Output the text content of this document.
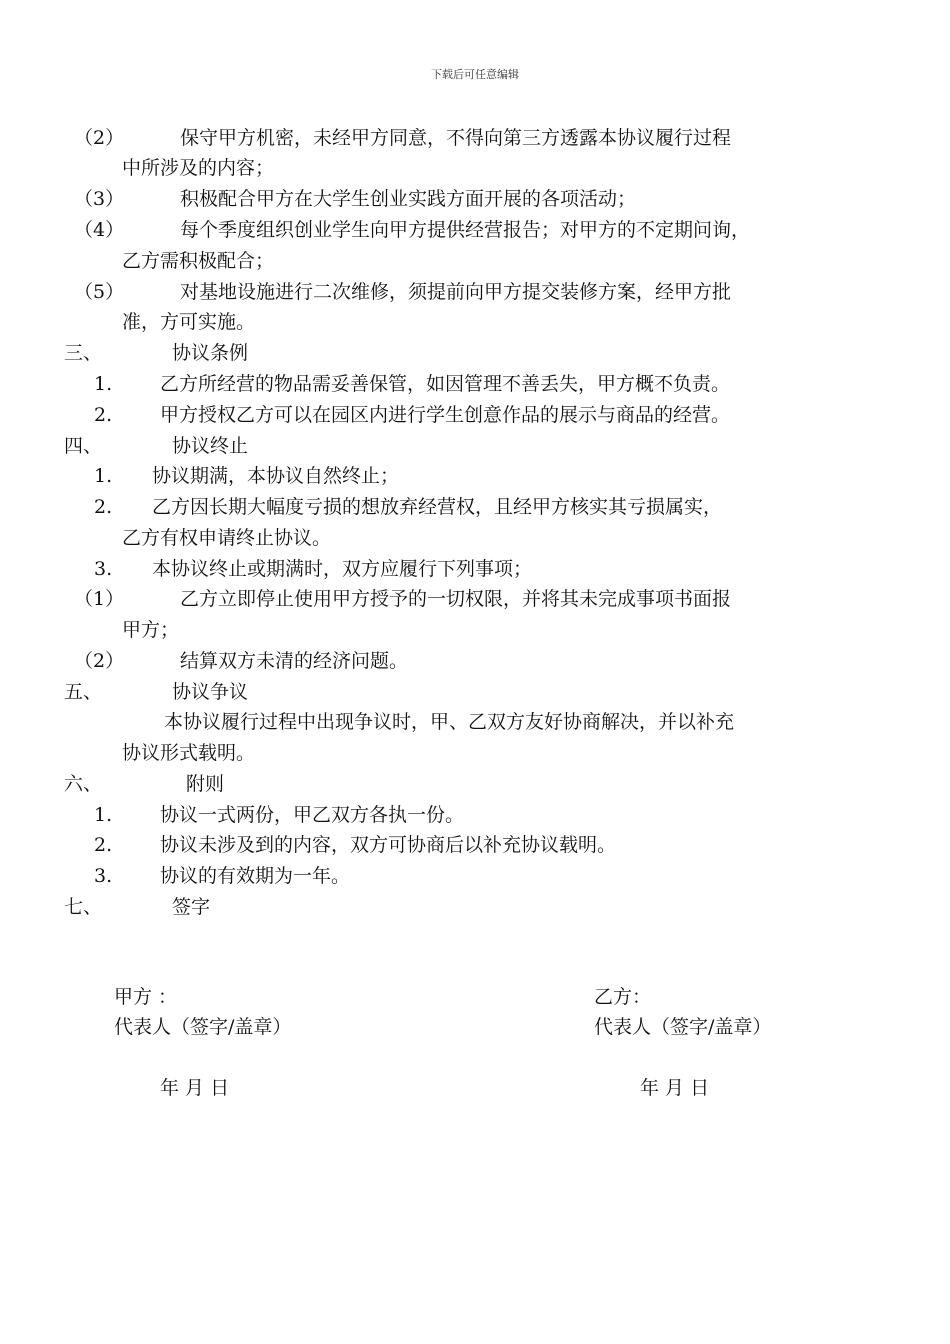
下载后可任意编辑
（2）	保守甲方机密，未经甲方同意，不得向第三方透露本协议履行过程
中所涉及的内容；
（3）	积极配合甲方在大学生创业实践方面开展的各项活动；
（4）	每个季度组织创业学生向甲方提供经营报告；对甲方的不定期问询，
乙方需积极配合；
（5）	对基地设施进行二次维修，须提前向甲方提交装修方案，经甲方批
准，方可实施。
三、	协议条例
1.	乙方所经营的物品需妥善保管，如因管理不善丢失，甲方概不负责。
2.	甲方授权乙方可以在园区内进行学生创意作品的展示与商品的经营。
四、	协议终止
1. 协议期满，本协议自然终止；
2. 乙方因长期大幅度亏损的想放弃经营权，且经甲方核实其亏损属实，
乙方有权申请终止协议。
3. 本协议终止或期满时，双方应履行下列事项；
（1）	乙方立即停止使用甲方授予的一切权限，并将其未完成事项书面报
甲方；
（2）	结算双方未清的经济问题。
五、	协议争议
本协议履行过程中出现争议时，甲、乙双方友好协商解决，并以补充
协议形式载明。
六、	附则
1.	协议一式两份，甲乙双方各执一份。
2.	协议未涉及到的内容，双方可协商后以补充协议载明。
3.	协议的有效期为一年。
七、	签字
甲方 ：
代表人（签字/盖章）
年 月 日
乙方：
代表人（签字/盖章）
年 月 日
